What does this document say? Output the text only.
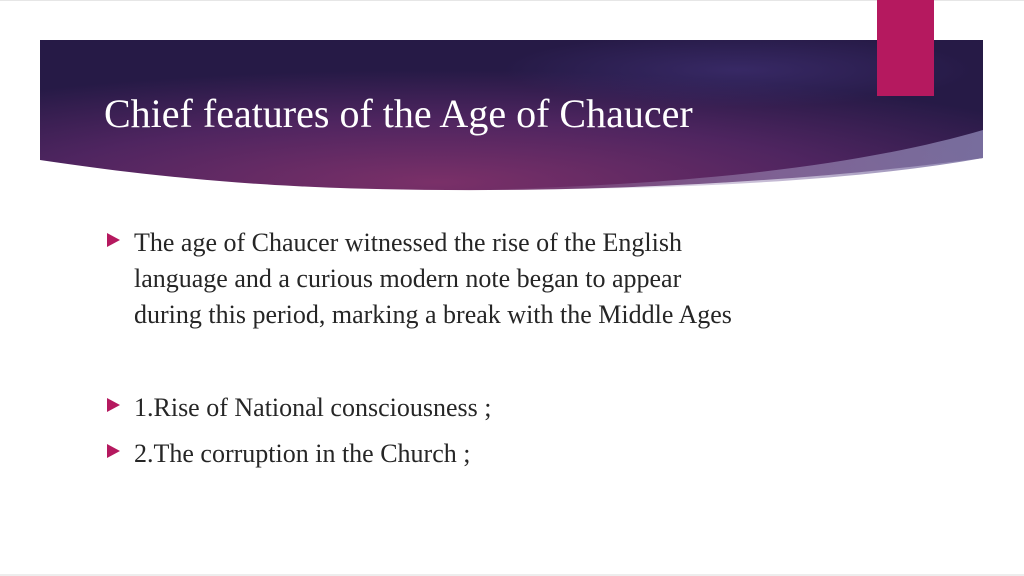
Chief features of the Age of Chaucer
The age of Chaucer witnessed the rise of the English
language and a curious modern note began to appear
during this period, marking a break with the Middle Ages
1.Rise of National consciousness ;
2.The corruption in the Church ;
